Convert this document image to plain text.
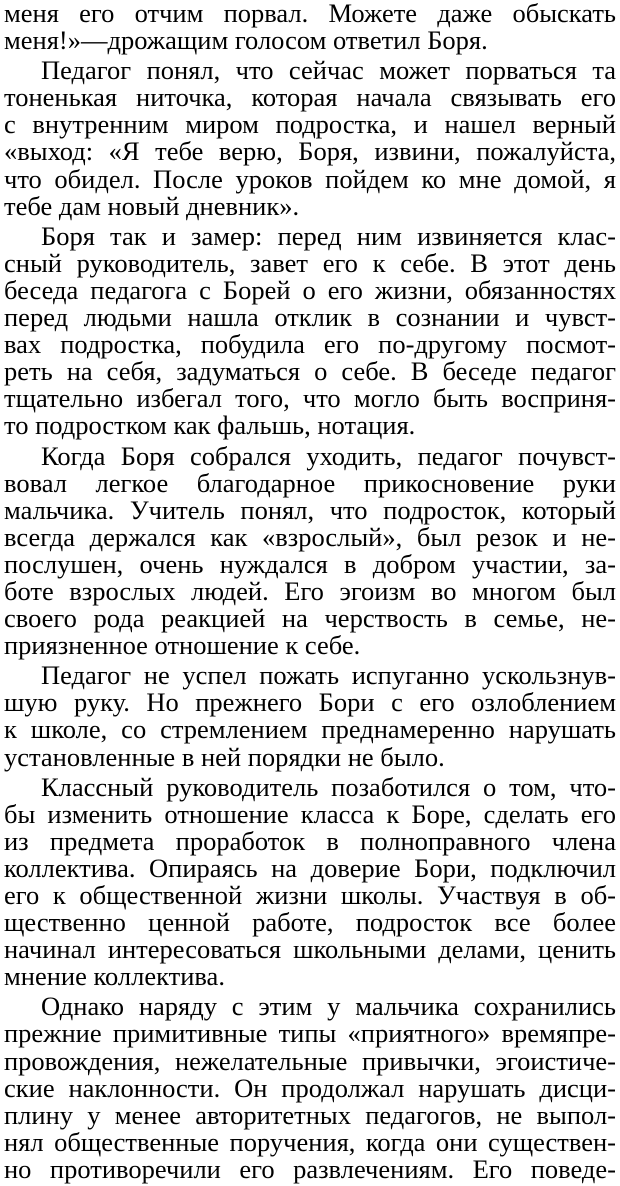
меня его отчим порвал. Можете даже обыскать
меня!»—дрожащим голосом ответил Боря.
Педагог понял, что сейчас может порваться та
тоненькая ниточка, которая начала связывать его
с внутренним миром подростка, и нашел верный
«выход: «Я тебе верю, Боря, извини, пожалуйста,
что обидел. После уроков пойдем ко мне домой, я
тебе дам новый дневник».
Боря так и замер: перед ним извиняется клас-
сный руководитель, завет его к себе. В этот день
беседа педагога с Борей о его жизни, обязанностях
перед людьми нашла отклик в сознании и чувст-
вах подростка, побудила его по-другому посмот-
реть на себя, задуматься о себе. В беседе педагог
тщательно избегал того, что могло быть восприня-
то подростком как фальшь, нотация.
Когда Боря собрался уходить, педагог почувст-
вовал легкое благодарное прикосновение руки
мальчика. Учитель понял, что подросток, который
всегда держался как «взрослый», был резок и не-
послушен, очень нуждался в добром участии, за-
боте взрослых людей. Его эгоизм во многом был
своего рода реакцией на черствость в семье, не-
приязненное отношение к себе.
Педагог не успел пожать испуганно ускользнув-
шую руку. Но прежнего Бори с его озлоблением
к школе, со стремлением преднамеренно нарушать
установленные в ней порядки не было.
Классный руководитель позаботился о том, что-
бы изменить отношение класса к Боре, сделать его
из предмета проработок в полноправного члена
коллектива. Опираясь на доверие Бори, подключил
его к общественной жизни школы. Участвуя в об-
щественно ценной работе, подросток все более
начинал интересоваться школьными делами, ценить
мнение коллектива.
Однако наряду с этим у мальчика сохранились
прежние примитивные типы «приятного» времяпре-
провождения, нежелательные привычки, эгоистиче-
ские наклонности. Он продолжал нарушать дисци-
плину у менее авторитетных педагогов, не выпол-
нял общественные поручения, когда они существен-
но противоречили его развлечениям. Его поведе-
